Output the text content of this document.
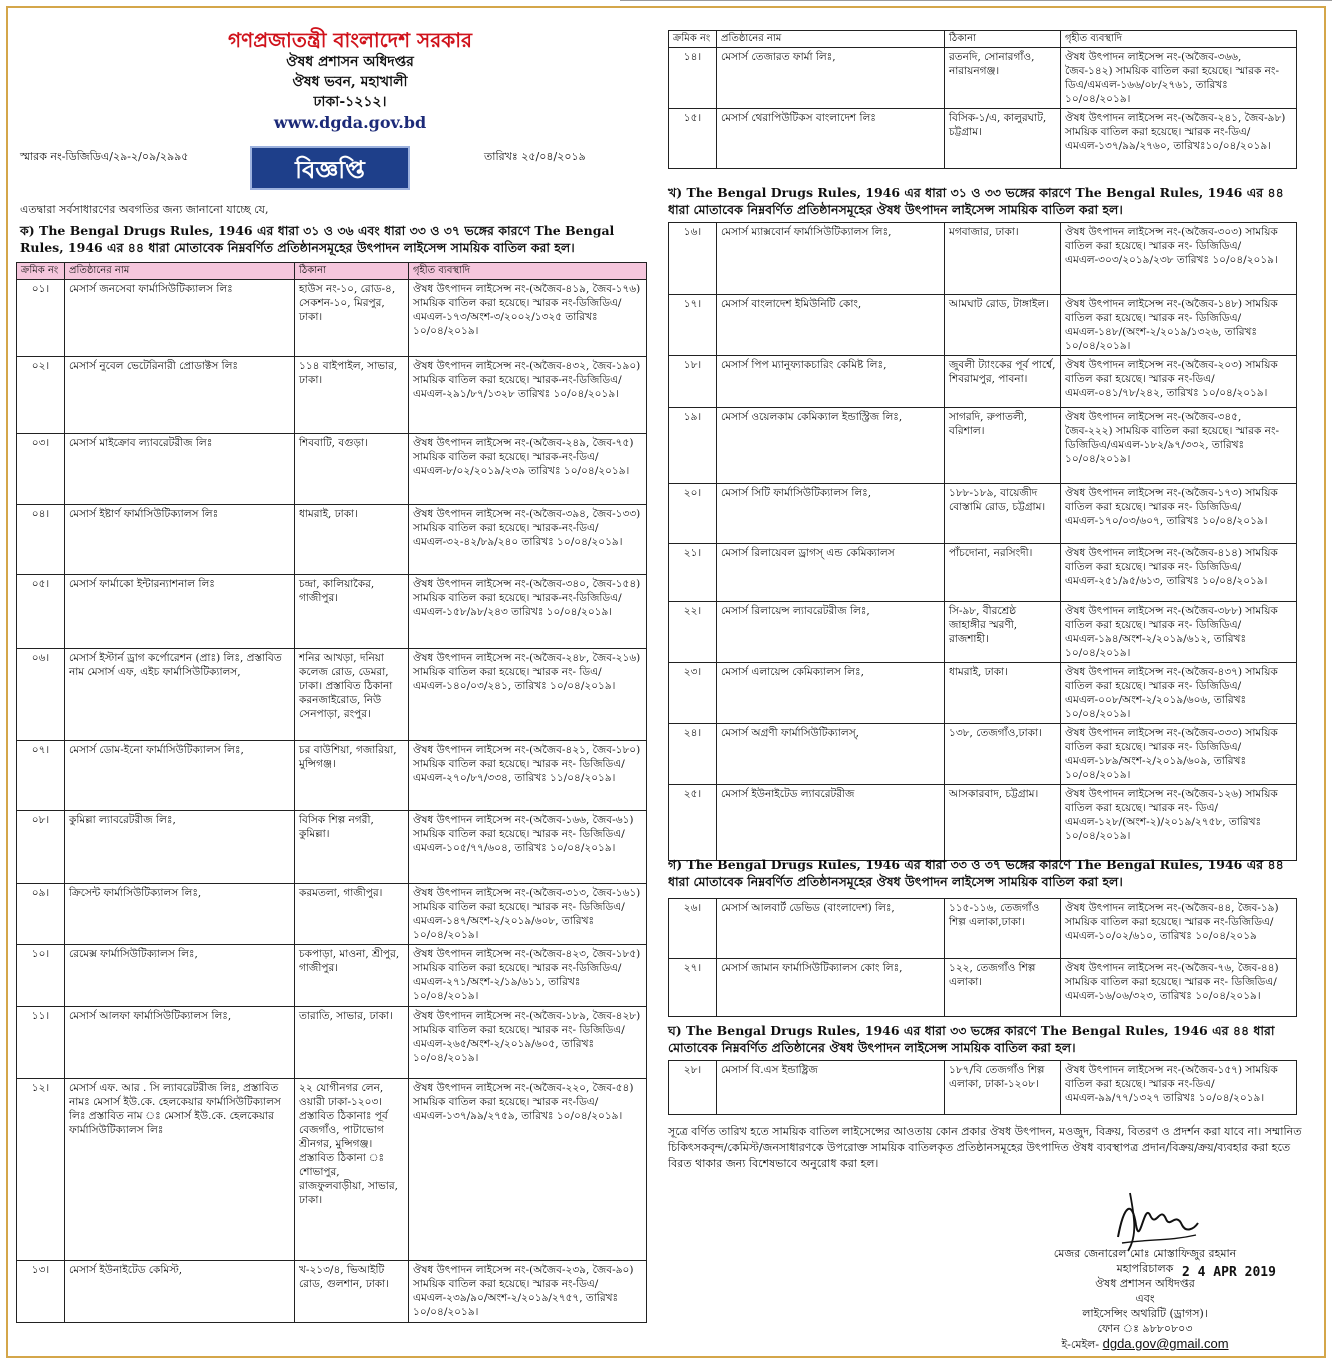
গণপ্রজাতন্ত্রী বাংলাদেশ সরকার
ঔষধ প্রশাসন অধিদপ্তর
ঔষধ ভবন, মহাখালী
ঢাকা-১২১২।
www.dgda.gov.bd
স্মারক নং-ডিজিডিএ/২৯-২/০৯/২৯৯৫	বিজ্ঞপ্তি	তারিখঃ ২৫/০৪/২০১৯
এতদ্বারা সর্বসাধারণের অবগতির জন্য জানানো যাচ্ছে যে,
ক) The Bengal Drugs Rules, 1946 এর ধারা ৩১ ও ৩৬ এবং ধারা ৩৩ ও ৩৭ ভঙ্গের কারণে The Bengal Rules, 1946 এর ৪৪ ধারা মোতাবেক নিম্নবর্ণিত প্রতিষ্ঠানসমূহের উৎপাদন লাইসেন্স সাময়িক বাতিল করা হল।
ক্রমিক নং	প্রতিষ্ঠানের নাম	ঠিকানা	গৃহীত ব্যবস্থাদি
০১।	মেসার্স জনসেবা ফার্মাসিউটিক্যালস লিঃ	হাউস নং-১০, রোড-৪, সেকশন-১০, মিরপুর, ঢাকা।	ঔষধ উৎপাদন লাইসেন্স নং-(অজৈব-৪১৯, জৈব-১৭৬) সাময়িক বাতিল করা হয়েছে। স্মারক নং-ডিজিডিএ/এমএল-১৭৩/অংশ-৩/২০০২/১৩২৫ তারিখঃ ১০/০৪/২০১৯।
০২।	মেসার্স নুবেল ভেটেরিনারী প্রোডাক্টস লিঃ	১১৪ বাইপাইল, সাভার, ঢাকা।	ঔষধ উৎপাদন লাইসেন্স নং-(অজৈব-৪৩২, জৈব-১৯০) সাময়িক বাতিল করা হয়েছে। স্মারক-নং-ডিজিডিএ/এমএল-২৯১/৮৭/১৩২৮ তারিখঃ ১০/০৪/২০১৯।
০৩।	মেসার্স মাইক্রোব ল্যাবরেটরীজ লিঃ	শিববাটি, বগুড়া।	ঔষধ উৎপাদন লাইসেন্স নং-(অজৈব-২৪৯, জৈব-৭৫) সাময়িক বাতিল করা হয়েছে। স্মারক-নং-ডিএ/এমএল-৮/০২/২০১৯/২৩৯ তারিখঃ ১০/০৪/২০১৯।
০৪।	মেসার্স ইষ্টার্ণ ফার্মাসিউটিক্যালস লিঃ	ধামরাই, ঢাকা।	ঔষধ উৎপাদন লাইসেন্স নং-(অজৈব-৩৯৪, জৈব-১৩৩) সাময়িক বাতিল করা হয়েছে। স্মারক-নং-ডিএ/এমএল-৩২-৪২/৮৯/২৪০ তারিখঃ ১০/০৪/২০১৯।
০৫।	মেসার্স ফার্মাকো ইন্টারন্যাশনাল লিঃ	চন্দ্রা, কালিয়াকৈর, গাজীপুর।	ঔষধ উৎপাদন লাইসেন্স নং-(অজৈব-৩৪০, জৈব-১৫৪) সাময়িক বাতিল করা হয়েছে। স্মারক-নং-ডিজিডিএ/এমএল-১৫৮/৯৮/২৪৩ তারিখঃ ১০/০৪/২০১৯।
০৬।	মেসার্স ইস্টার্ন ড্রাগ কর্পোরেশন (প্রাঃ) লিঃ, প্রস্তাবিত নাম মেসার্স এফ, এইচ ফার্মাসিউটিক্যালস,	শনির আখড়া, দনিয়া কলেজ রোড, ডেমরা, ঢাকা। প্রস্তাবিত ঠিকানা করনজাইরোড, নিউ সেনপাড়া, রংপুর।	ঔষধ উৎপাদন লাইসেন্স নং-(অজৈব-২৪৮, জৈব-২১৬) সাময়িক বাতিল করা হয়েছে। স্মারক নং- ডিএ/এমএল-১৪০/০৩/২৪১, তারিখঃ ১০/০৪/২০১৯।
০৭।	মেসার্স ডোম-ইনো ফার্মাসিউটিক্যালস লিঃ,	চর বাউশিয়া, গজারিয়া, মুন্সিগঞ্জ।	ঔষধ উৎপাদন লাইসেন্স নং-(অজৈব-৪২১, জৈব-১৮০) সাময়িক বাতিল করা হয়েছে। স্মারক নং- ডিজিডিএ/এমএল-২৭০/৮৭/৩৩৪, তারিখঃ ১১/০৪/২০১৯।
০৮।	কুমিল্লা ল্যাবরেটরীজ লিঃ,	বিসিক শিল্প নগরী, কুমিল্লা।	ঔষধ উৎপাদন লাইসেন্স নং-(অজৈব-১৬৬, জৈব-৬১) সাময়িক বাতিল করা হয়েছে। স্মারক নং- ডিজিডিএ/এমএল-১০৫/৭৭/৬০৪, তারিখঃ ১০/০৪/২০১৯।
০৯।	ক্রিসেন্ট ফার্মাসিউটিক্যালস লিঃ,	করমতলা, গাজীপুর।	ঔষধ উৎপাদন লাইসেন্স নং-(অজৈব-৩১৩, জৈব-১৬১) সাময়িক বাতিল করা হয়েছে। স্মারক নং- ডিজিডিএ/এমএল-১৪৭/অংশ-২/২০১৯/৬০৮, তারিখঃ ১০/০৪/২০১৯।
১০।	রেমেক্স ফার্মাসিউটিক্যালস লিঃ,	চকপাড়া, মাওনা, শ্রীপুর, গাজীপুর।	ঔষধ উৎপাদন লাইসেন্স নং-(অজৈব-৪২৩, জৈব-১৮৫) সাময়িক বাতিল করা হয়েছে। স্মারক নং-ডিজিডিএ/এমএল-২৭১/অংশ-২/১৯/৬১১, তারিখঃ ১০/০৪/২০১৯।
১১।	মেসার্স আলফা ফার্মাসিউটিক্যালস লিঃ,	তারাতি, সাভার, ঢাকা।	ঔষধ উৎপাদন লাইসেন্স নং-(অজৈব-১৮৯, জৈব-৪২৮) সাময়িক বাতিল করা হয়েছে। স্মারক নং- ডিজিডিএ/এমএল-২৬৫/অংশ-২/২০১৯/৬০৫, তারিখঃ ১০/০৪/২০১৯।
১২।	মেসার্স এফ. আর . সি ল্যাবরেটরীজ লিঃ, প্রস্তাবিত নামঃ মেসার্স ইউ.কে. হেলকেয়ার ফার্মাসিউটিক্যালস লিঃ প্রস্তাবিত নাম ঃ মেসার্স ইউ.কে. হেলকেয়ার ফার্মাসিউটিক্যালস লিঃ	২২ যোগীনগর লেন, ওয়ারী ঢাকা-১২০৩। প্রস্তাবিত ঠিকানাঃ পূর্ব বেজগাঁও, পাটাভোগ শ্রীনগর, মুন্সিগঞ্জ। প্রস্তাবিত ঠিকানা ঃ শোভাপুর, রাজফুলবাড়ীয়া, সাভার, ঢাকা।	ঔষধ উৎপাদন লাইসেন্স নং-(অজৈব-২২০, জৈব-৫৪) সাময়িক বাতিল করা হয়েছে। স্মারক নং-ডিএ/এমএল-১৩৭/৯৯/২৭৫৯, তারিখঃ ১০/০৪/২০১৯।
১৩।	মেসার্স ইউনাইটেড কেমিস্ট,	খ-২১৩/৪, ভিআইটি রোড, গুলশান, ঢাকা।	ঔষধ উৎপাদন লাইসেন্স নং-(অজৈব-২৩৯, জৈব-৯০) সাময়িক বাতিল করা হয়েছে। স্মারক নং-ডিএ/এমএল-২৩৯/৯০/অংশ-২/২০১৯/২৭৫৭, তারিখঃ ১০/০৪/২০১৯।
ক্রমিক নং	প্রতিষ্ঠানের নাম	ঠিকানা	গৃহীত ব্যবস্থাদি
১৪।	মেসার্স তেজারত ফার্মা লিঃ,	রতনদি, সোনারগাঁও, নারায়নগঞ্জ।	ঔষধ উৎপাদন লাইসেন্স নং-(অজৈব-৩৬৬, জৈব-১৪২) সাময়িক বাতিল করা হয়েছে। স্মারক নং- ডিএ/এমএল-১৬৬/০৮/২৭৬১, তারিখঃ ১০/০৪/২০১৯।
১৫।	মেসার্স থেরাপিউটিকস বাংলাদেশ লিঃ	বিসিক-১/এ, কালুরঘাট, চট্টগ্রাম।	ঔষধ উৎপাদন লাইসেন্স নং-(অজৈব-২৪১, জৈব-৯৮) সাময়িক বাতিল করা হয়েছে। স্মারক নং-ডিএ/এমএল-১৩৭/৯৯/২৭৬০, তারিখঃ১০/০৪/২০১৯।
খ) The Bengal Drugs Rules, 1946 এর ধারা ৩১ ও ৩৩ ভঙ্গের কারণে The Bengal Rules, 1946 এর ৪৪ ধারা মোতাবেক নিম্নবর্ণিত প্রতিষ্ঠানসমূহের ঔষধ উৎপাদন লাইসেন্স সাময়িক বাতিল করা হল।
১৬।	মেসার্স ম্যাক্সবোর্ন ফার্মাসিউটিক্যালস লিঃ,	মগবাজার, ঢাকা।	ঔষধ উৎপাদন লাইসেন্স নং-(অজৈব-৩০৩) সাময়িক বাতিল করা হয়েছে। স্মারক নং- ডিজিডিএ/ এমএল-৩০৩/২০১৯/২৩৮ তারিখঃ ১০/০৪/২০১৯।
১৭।	মেসার্স বাংলাদেশ ইমিউনিটি কোং,	আমঘাট রোড, টাঙ্গাইল।	ঔষধ উৎপাদন লাইসেন্স নং-(অজৈব-১৪৮) সাময়িক বাতিল করা হয়েছে। স্মারক নং- ডিজিডিএ/এমএল-১৪৮/(অংশ-২/২০১৯/১৩২৬, তারিখঃ ১০/০৪/২০১৯।
১৮।	মেসার্স পিপ ম্যানুফ্যাকচারিং কেমিষ্ট লিঃ,	জুবলী ট্যাংকের পূর্ব পার্শ্বে, শিবরামপুর, পাবনা।	ঔষধ উৎপাদন লাইসেন্স নং-(অজৈব-২০৩) সাময়িক বাতিল করা হয়েছে। স্মারক নং-ডিএ/এমএল-০৪১/৭৮/২৪২, তারিখঃ ১০/০৪/২০১৯।
১৯।	মেসার্স ওয়েলকাম কেমিক্যাল ইন্ডাস্ট্রিজ লিঃ,	সাগরদি, রুপাতলী, বরিশাল।	ঔষধ উৎপাদন লাইসেন্স নং-(অজৈব-৩৪৫, জৈব-২২২) সাময়িক বাতিল করা হয়েছে। স্মারক নং- ডিজিডিএ/এমএল-১৮২/৯৭/৩৩২, তারিখঃ ১০/০৪/২০১৯।
২০।	মেসার্স সিটি ফার্মাসিউটিক্যালস লিঃ,	১৮৮-১৮৯, বায়েজীদ বোস্তামি রোড, চট্টগ্রাম।	ঔষধ উৎপাদন লাইসেন্স নং-(অজৈব-১৭৩) সাময়িক বাতিল করা হয়েছে। স্মারক নং- ডিজিডিএ/এমএল-১৭০/০৩/৬০৭, তারিখঃ ১০/০৪/২০১৯।
২১।	মেসার্স রিলায়েবল ড্রাগস্ এন্ড কেমিক্যালস	পাঁচদোনা, নরসিংদী।	ঔষধ উৎপাদন লাইসেন্স নং-(অজৈব-৪১৪) সাময়িক বাতিল করা হয়েছে। স্মারক নং- ডিজিডিএ/এমএল-২৫১/৯৫/৬১৩, তারিখঃ ১০/০৪/২০১৯।
২২।	মেসার্স রিলায়েন্স ল্যাবরেটরীজ লিঃ,	সি-৯৮, বীরশ্রেষ্ঠ জাহাঙ্গীর স্মরণী, রাজশাহী।	ঔষধ উৎপাদন লাইসেন্স নং-(অজৈব-৩৮৮) সাময়িক বাতিল করা হয়েছে। স্মারক নং- ডিজিডিএ/এমএল-১৯৪/অংশ-২/২০১৯/৬১২, তারিখঃ ১০/০৪/২০১৯।
২৩।	মেসার্স এলায়েন্স কেমিক্যালস লিঃ,	ধামরাই, ঢাকা।	ঔষধ উৎপাদন লাইসেন্স নং-(অজৈব-৪৩৭) সাময়িক বাতিল করা হয়েছে। স্মারক নং- ডিজিডিএ/ এমএল-০০৮/অংশ-২/২০১৯/৬০৬, তারিখঃ ১০/০৪/২০১৯।
২৪।	মেসার্স অগ্রণী ফার্মাসিউটিক্যালস্,	১৩৮, তেজগাঁও,ঢাকা।	ঔষধ উৎপাদন লাইসেন্স নং-(অজৈব-৩৩৩) সাময়িক বাতিল করা হয়েছে। স্মারক নং- ডিজিডিএ/ এমএল-১৮৯/অংশ-২/২০১৯/৬০৯, তারিখঃ ১০/০৪/২০১৯।
২৫।	মেসার্স ইউনাইটেড ল্যাবরেটরীজ	আসকারবাদ, চট্টগ্রাম।	ঔষধ উৎপাদন লাইসেন্স নং-(অজৈব-১২৬) সাময়িক বাতিল করা হয়েছে। স্মারক নং- ডিএ/এমএল-১২৮/(অংশ-২)/২০১৯/২৭৫৮, তারিখঃ ১০/০৪/২০১৯।
গ) The Bengal Drugs Rules, 1946 এর ধারা ৩৩ ও ৩৭ ভঙ্গের কারণে The Bengal Rules, 1946 এর ৪৪ ধারা মোতাবেক নিম্নবর্ণিত প্রতিষ্ঠানসমূহের ঔষধ উৎপাদন লাইসেন্স সাময়িক বাতিল করা হল।
২৬।	মেসার্স আলবার্ট ডেভিড (বাংলাদেশ) লিঃ,	১১৫-১১৬, তেজগাঁও শিল্প এলাকা,ঢাকা।	ঔষধ উৎপাদন লাইসেন্স নং-(অজৈব-৪৪, জৈব-১৯) সাময়িক বাতিল করা হয়েছে। স্মারক নং-ডিজিডিএ/এমএল-১০/০২/৬১০, তারিখঃ ১০/০৪/২০১৯
২৭।	মেসার্স জামান ফার্মাসিউটিক্যালস কোং লিঃ,	১২২, তেজগাঁও শিল্প এলাকা।	ঔষধ উৎপাদন লাইসেন্স নং-(অজৈব-৭৬, জৈব-৪৪) সাময়িক বাতিল করা হয়েছে। স্মারক নং- ডিজিডিএ/ এমএল-১৬/০৬/৩২৩, তারিখঃ ১০/০৪/২০১৯।
ঘ) The Bengal Drugs Rules, 1946 এর ধারা ৩৩ ভঙ্গের কারণে The Bengal Rules, 1946 এর ৪৪ ধারা মোতাবেক নিম্নবর্ণিত প্রতিষ্ঠানের ঔষধ উৎপাদন লাইসেন্স সাময়িক বাতিল করা হল।
২৮।	মেসার্স বি.এস ইন্ডাষ্ট্রিজ	১৮৭/বি তেজগাঁও শিল্প এলাকা, ঢাকা-১২০৮।	ঔষধ উৎপাদন লাইসেন্স নং-(অজৈব-১৫৭) সাময়িক বাতিল করা হয়েছে। স্মারক নং-ডিএ/এমএল-৯৯/৭৭/১৩২৭ তারিখঃ ১০/০৪/২০১৯।
সূত্রে বর্ণিত তারিখ হতে সাময়িক বাতিল লাইসেন্সের আওতায় কোন প্রকার ঔষধ উৎপাদন, মওজুদ, বিক্রয়, বিতরণ ও প্রদর্শন করা যাবে না। সম্মানিত চিকিৎসকবৃন্দ/কেমিস্ট/জনসাধারণকে উপরোক্ত সাময়িক বাতিলকৃত প্রতিষ্ঠানসমূহের উৎপাদিত ঔষধ ব্যবস্থাপত্র প্রদান/বিক্রয়/ক্রয়/ব্যবহার করা হতে বিরত থাকার জন্য বিশেষভাবে অনুরোধ করা হল।
2 4 APR 2019
মেজর জেনারেল মোঃ মোস্তাফিজুর রহমান
মহাপরিচালক
ঔষধ প্রশাসন অধিদপ্তর
এবং
লাইসেন্সিং অথরিটি (ড্রাগস)।
ফোন ঃ ৯৮৮০৮০৩
ই-মেইল- dgda.gov@gmail.com
